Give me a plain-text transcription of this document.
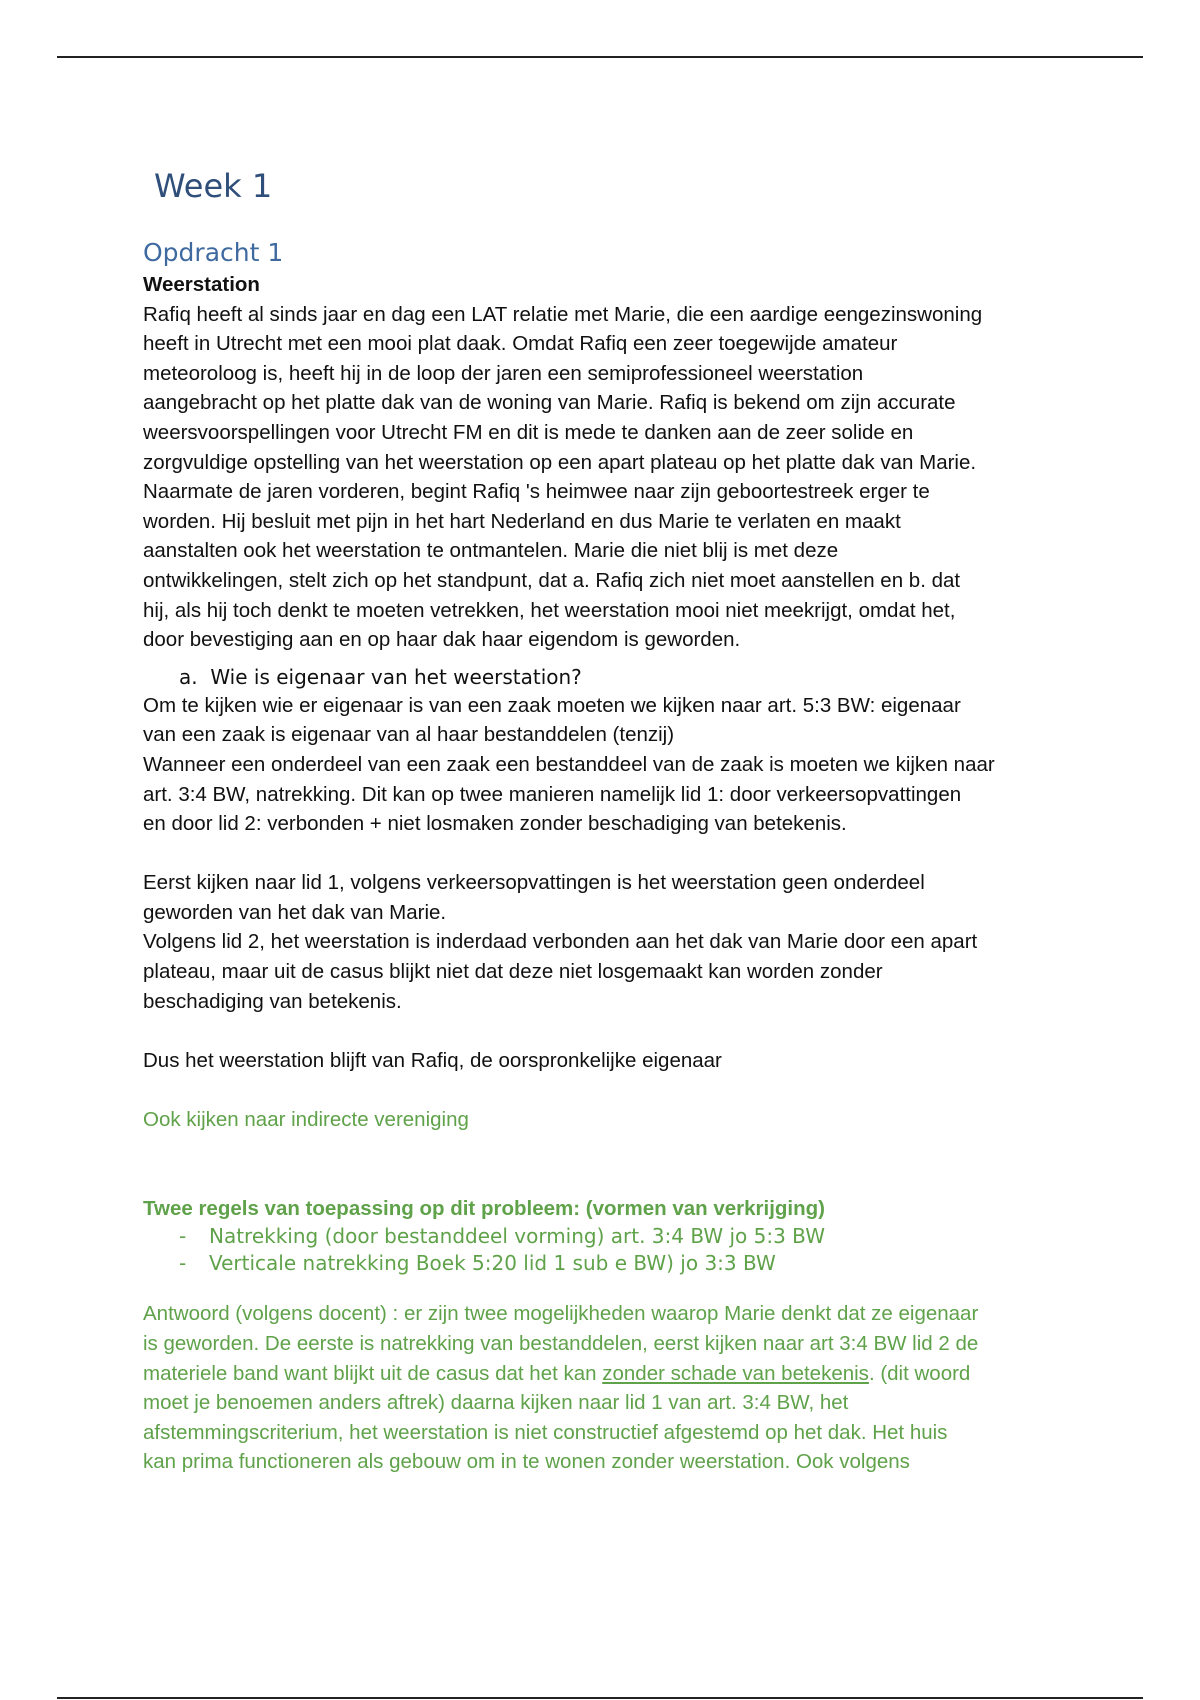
Week 1
Opdracht 1

Weerstation

Rafiq heeft al sinds jaar en dag een LAT relatie met Marie, die een aardige eengezinswoning

heeft in Utrecht met een mooi plat daak. Omdat Rafiq een zeer toegewijde amateur

meteoroloog is, heeft hij in de loop der jaren een semiprofessioneel weerstation

aangebracht op het platte dak van de woning van Marie. Rafiq is bekend om zijn accurate

weersvoorspellingen voor Utrecht FM en dit is mede te danken aan de zeer solide en

zorgvuldige opstelling van het weerstation op een apart plateau op het platte dak van Marie.

Naarmate de jaren vorderen, begint Rafiq 's heimwee naar zijn geboortestreek erger te

worden. Hij besluit met pijn in het hart Nederland en dus Marie te verlaten en maakt

aanstalten ook het weerstation te ontmantelen. Marie die niet blij is met deze

ontwikkelingen, stelt zich op het standpunt, dat a. Rafiq zich niet moet aanstellen en b. dat

hij, als hij toch denkt te moeten vetrekken, het weerstation mooi niet meekrijgt, omdat het,

door bevestiging aan en op haar dak haar eigendom is geworden.

a. Wie is eigenaar van het weerstation?

Om te kijken wie er eigenaar is van een zaak moeten we kijken naar art. 5:3 BW: eigenaar

van een zaak is eigenaar van al haar bestanddelen (tenzij)

Wanneer een onderdeel van een zaak een bestanddeel van de zaak is moeten we kijken naar

art. 3:4 BW, natrekking. Dit kan op twee manieren namelijk lid 1: door verkeersopvattingen

en door lid 2: verbonden + niet losmaken zonder beschadiging van betekenis.

Eerst kijken naar lid 1, volgens verkeersopvattingen is het weerstation geen onderdeel

geworden van het dak van Marie.

Volgens lid 2, het weerstation is inderdaad verbonden aan het dak van Marie door een apart

plateau, maar uit de casus blijkt niet dat deze niet losgemaakt kan worden zonder

beschadiging van betekenis.

Dus het weerstation blijft van Rafiq, de oorspronkelijke eigenaar

Ook kijken naar indirecte vereniging

Twee regels van toepassing op dit probleem: (vormen van verkrijging)

- Natrekking (door bestanddeel vorming) art. 3:4 BW jo 5:3 BW
- Verticale natrekking Boek 5:20 lid 1 sub e BW) jo 3:3 BW

Antwoord (volgens docent) : er zijn twee mogelijkheden waarop Marie denkt dat ze eigenaar

is geworden. De eerste is natrekking van bestanddelen, eerst kijken naar art 3:4 BW lid 2 de

materiele band want blijkt uit de casus dat het kan zonder schade van betekenis. (dit woord

moet je benoemen anders aftrek) daarna kijken naar lid 1 van art. 3:4 BW, het

afstemmingscriterium, het weerstation is niet constructief afgestemd op het dak. Het huis

kan prima functioneren als gebouw om in te wonen zonder weerstation. Ook volgens
